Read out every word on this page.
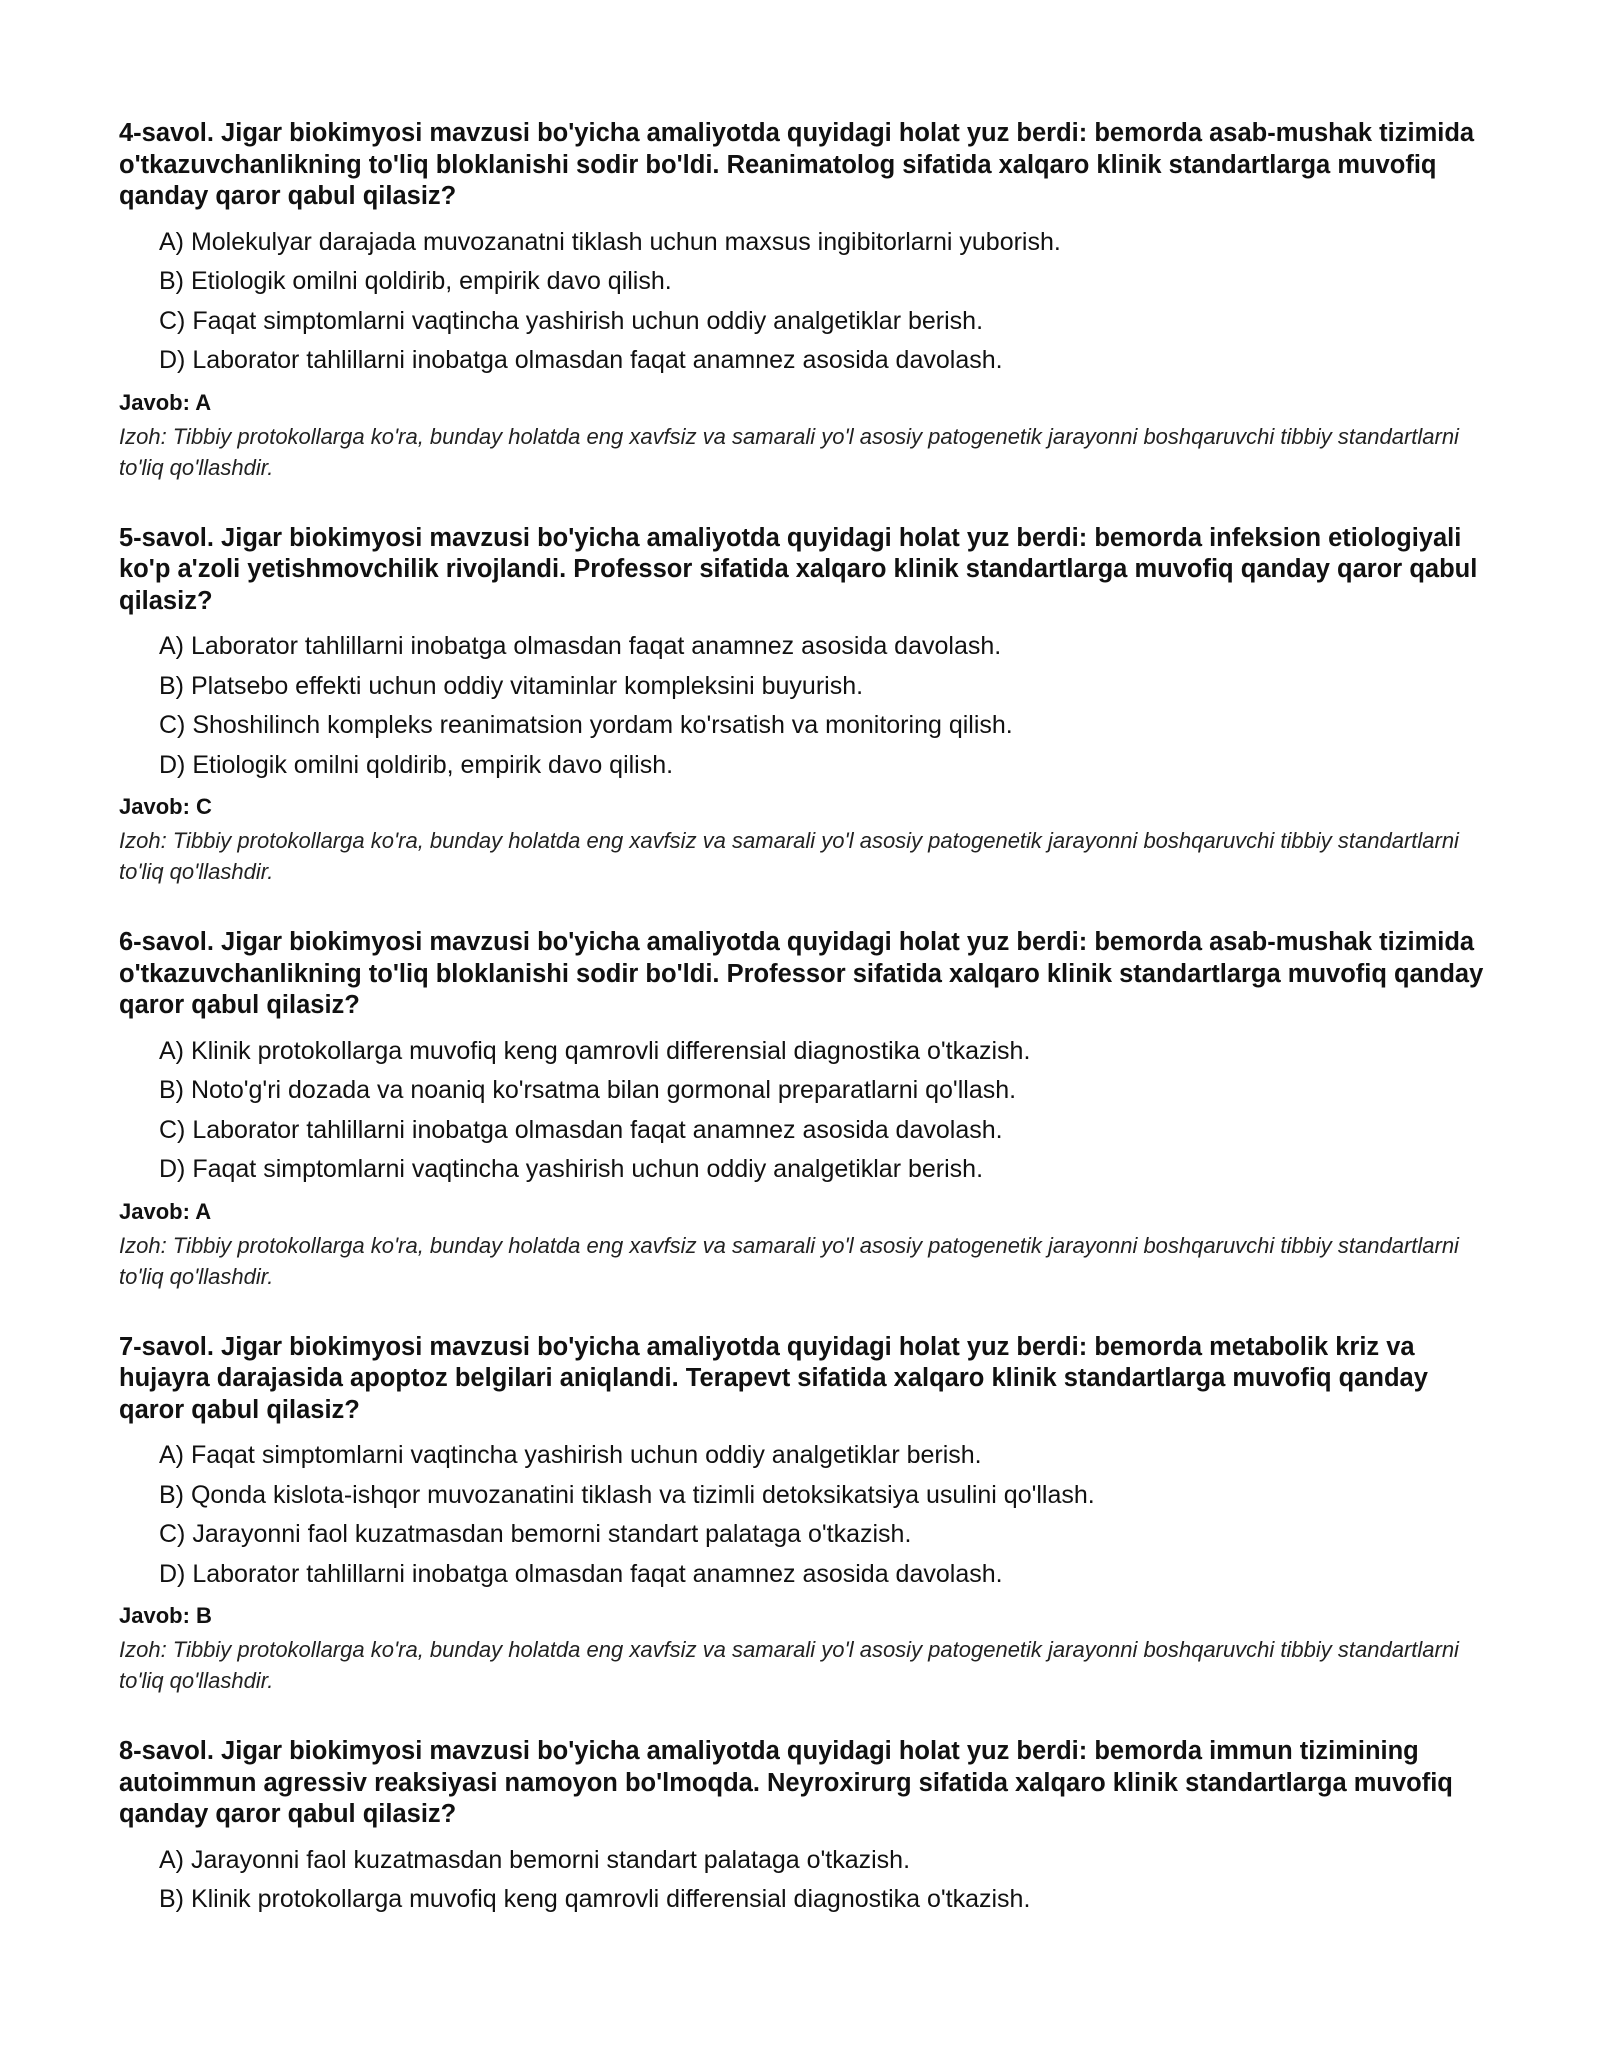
4-savol. Jigar biokimyosi mavzusi bo'yicha amaliyotda quyidagi holat yuz berdi: bemorda asab-mushak tizimida o'tkazuvchanlikning to'liq bloklanishi sodir bo'ldi. Reanimatolog sifatida xalqaro klinik standartlarga muvofiq qanday qaror qabul qilasiz?
A) Molekulyar darajada muvozanatni tiklash uchun maxsus ingibitorlarni yuborish.
B) Etiologik omilni qoldirib, empirik davo qilish.
C) Faqat simptomlarni vaqtincha yashirish uchun oddiy analgetiklar berish.
D) Laborator tahlillarni inobatga olmasdan faqat anamnez asosida davolash.
Javob: A

Izoh: Tibbiy protokollarga ko'ra, bunday holatda eng xavfsiz va samarali yo'l asosiy patogenetik jarayonni boshqaruvchi tibbiy standartlarni to'liq qo'llashdir.

5-savol. Jigar biokimyosi mavzusi bo'yicha amaliyotda quyidagi holat yuz berdi: bemorda infeksion etiologiyali ko'p a'zoli yetishmovchilik rivojlandi. Professor sifatida xalqaro klinik standartlarga muvofiq qanday qaror qabul qilasiz?
A) Laborator tahlillarni inobatga olmasdan faqat anamnez asosida davolash.
B) Platsebo effekti uchun oddiy vitaminlar kompleksini buyurish.
C) Shoshilinch kompleks reanimatsion yordam ko'rsatish va monitoring qilish.
D) Etiologik omilni qoldirib, empirik davo qilish.
Javob: C

Izoh: Tibbiy protokollarga ko'ra, bunday holatda eng xavfsiz va samarali yo'l asosiy patogenetik jarayonni boshqaruvchi tibbiy standartlarni to'liq qo'llashdir.

6-savol. Jigar biokimyosi mavzusi bo'yicha amaliyotda quyidagi holat yuz berdi: bemorda asab-mushak tizimida o'tkazuvchanlikning to'liq bloklanishi sodir bo'ldi. Professor sifatida xalqaro klinik standartlarga muvofiq qanday qaror qabul qilasiz?
A) Klinik protokollarga muvofiq keng qamrovli differensial diagnostika o'tkazish.
B) Noto'g'ri dozada va noaniq ko'rsatma bilan gormonal preparatlarni qo'llash.
C) Laborator tahlillarni inobatga olmasdan faqat anamnez asosida davolash.
D) Faqat simptomlarni vaqtincha yashirish uchun oddiy analgetiklar berish.
Javob: A

Izoh: Tibbiy protokollarga ko'ra, bunday holatda eng xavfsiz va samarali yo'l asosiy patogenetik jarayonni boshqaruvchi tibbiy standartlarni to'liq qo'llashdir.

7-savol. Jigar biokimyosi mavzusi bo'yicha amaliyotda quyidagi holat yuz berdi: bemorda metabolik kriz va hujayra darajasida apoptoz belgilari aniqlandi. Terapevt sifatida xalqaro klinik standartlarga muvofiq qanday qaror qabul qilasiz?
A) Faqat simptomlarni vaqtincha yashirish uchun oddiy analgetiklar berish.
B) Qonda kislota-ishqor muvozanatini tiklash va tizimli detoksikatsiya usulini qo'llash.
C) Jarayonni faol kuzatmasdan bemorni standart palataga o'tkazish.
D) Laborator tahlillarni inobatga olmasdan faqat anamnez asosida davolash.
Javob: B

Izoh: Tibbiy protokollarga ko'ra, bunday holatda eng xavfsiz va samarali yo'l asosiy patogenetik jarayonni boshqaruvchi tibbiy standartlarni to'liq qo'llashdir.

8-savol. Jigar biokimyosi mavzusi bo'yicha amaliyotda quyidagi holat yuz berdi: bemorda immun tizimining autoimmun agressiv reaksiyasi namoyon bo'lmoqda. Neyroxirurg sifatida xalqaro klinik standartlarga muvofiq qanday qaror qabul qilasiz?
A) Jarayonni faol kuzatmasdan bemorni standart palataga o'tkazish.
B) Klinik protokollarga muvofiq keng qamrovli differensial diagnostika o'tkazish.
